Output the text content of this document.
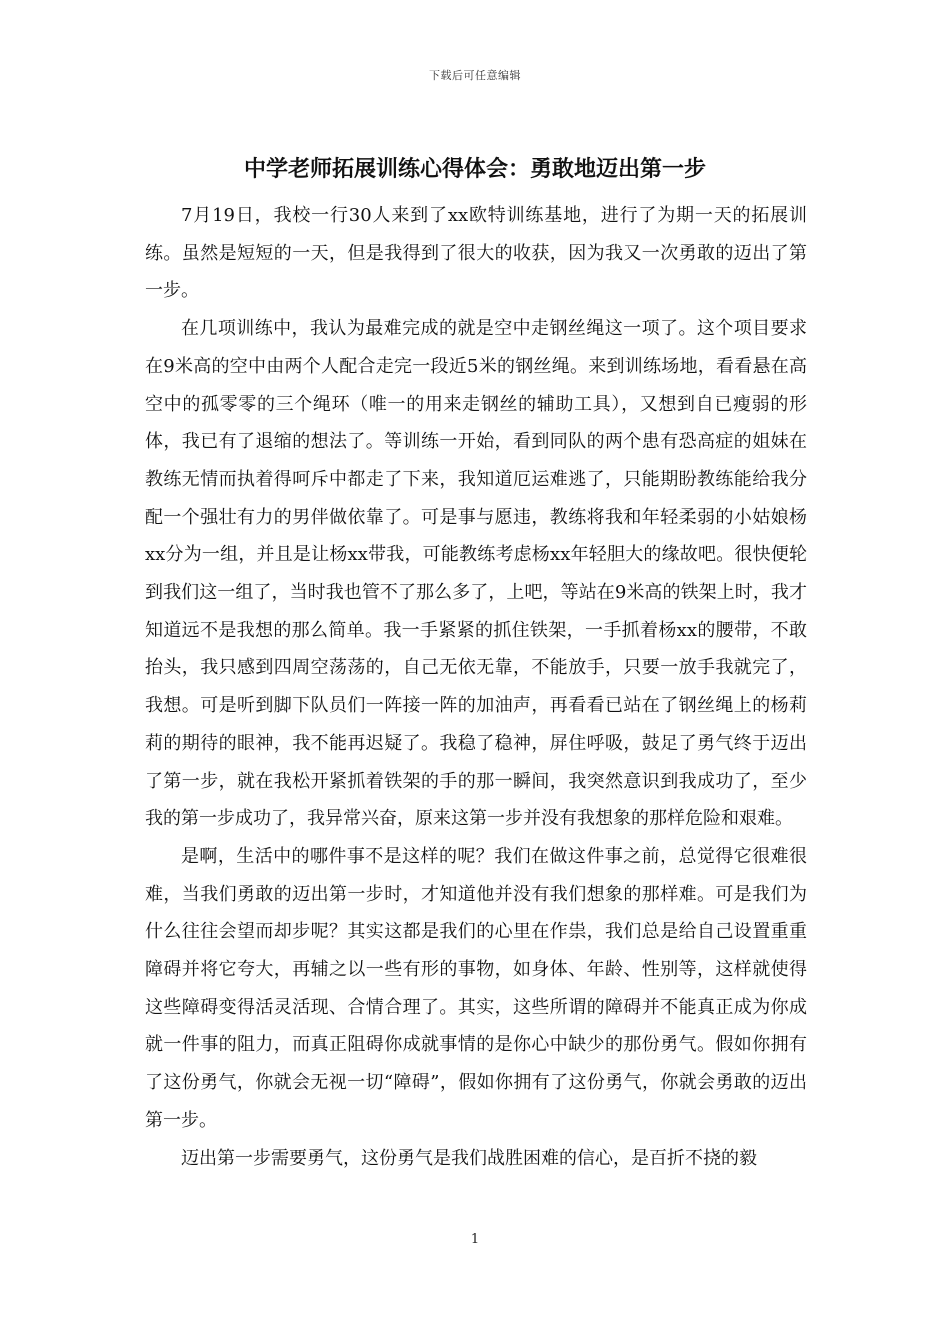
下载后可任意编辑
中学老师拓展训练心得体会：勇敢地迈出第一步

7月19日，我校一行30人来到了xx欧特训练基地，进行了为期一天的拓展训练。虽然是短短的一天，但是我得到了很大的收获，因为我又一次勇敢的迈出了第一步。

在几项训练中，我认为最难完成的就是空中走钢丝绳这一项了。这个项目要求在9米高的空中由两个人配合走完一段近5米的钢丝绳。来到训练场地，看看悬在高空中的孤零零的三个绳环（唯一的用来走钢丝的辅助工具），又想到自已瘦弱的形体，我已有了退缩的想法了。等训练一开始，看到同队的两个患有恐高症的姐妹在教练无情而执着得呵斥中都走了下来，我知道厄运难逃了，只能期盼教练能给我分配一个强壮有力的男伴做依靠了。可是事与愿违，教练将我和年轻柔弱的小姑娘杨xx分为一组，并且是让杨xx带我，可能教练考虑杨xx年轻胆大的缘故吧。很快便轮到我们这一组了，当时我也管不了那么多了，上吧，等站在9米高的铁架上时，我才知道远不是我想的那么简单。我一手紧紧的抓住铁架，一手抓着杨xx的腰带，不敢抬头，我只感到四周空荡荡的，自己无依无靠，不能放手，只要一放手我就完了，我想。可是听到脚下队员们一阵接一阵的加油声，再看看已站在了钢丝绳上的杨莉莉的期待的眼神，我不能再迟疑了。我稳了稳神，屏住呼吸，鼓足了勇气终于迈出了第一步，就在我松开紧抓着铁架的手的那一瞬间，我突然意识到我成功了，至少我的第一步成功了，我异常兴奋，原来这第一步并没有我想象的那样危险和艰难。

是啊，生活中的哪件事不是这样的呢？我们在做这件事之前，总觉得它很难很难，当我们勇敢的迈出第一步时，才知道他并没有我们想象的那样难。可是我们为什么往往会望而却步呢？其实这都是我们的心里在作祟，我们总是给自己设置重重障碍并将它夸大，再辅之以一些有形的事物，如身体、年龄、性别等，这样就使得这些障碍变得活灵活现、合情合理了。其实，这些所谓的障碍并不能真正成为你成就一件事的阻力，而真正阻碍你成就事情的是你心中缺少的那份勇气。假如你拥有了这份勇气，你就会无视一切“障碍”，假如你拥有了这份勇气，你就会勇敢的迈出第一步。

迈出第一步需要勇气，这份勇气是我们战胜困难的信心，是百折不挠的毅

1
